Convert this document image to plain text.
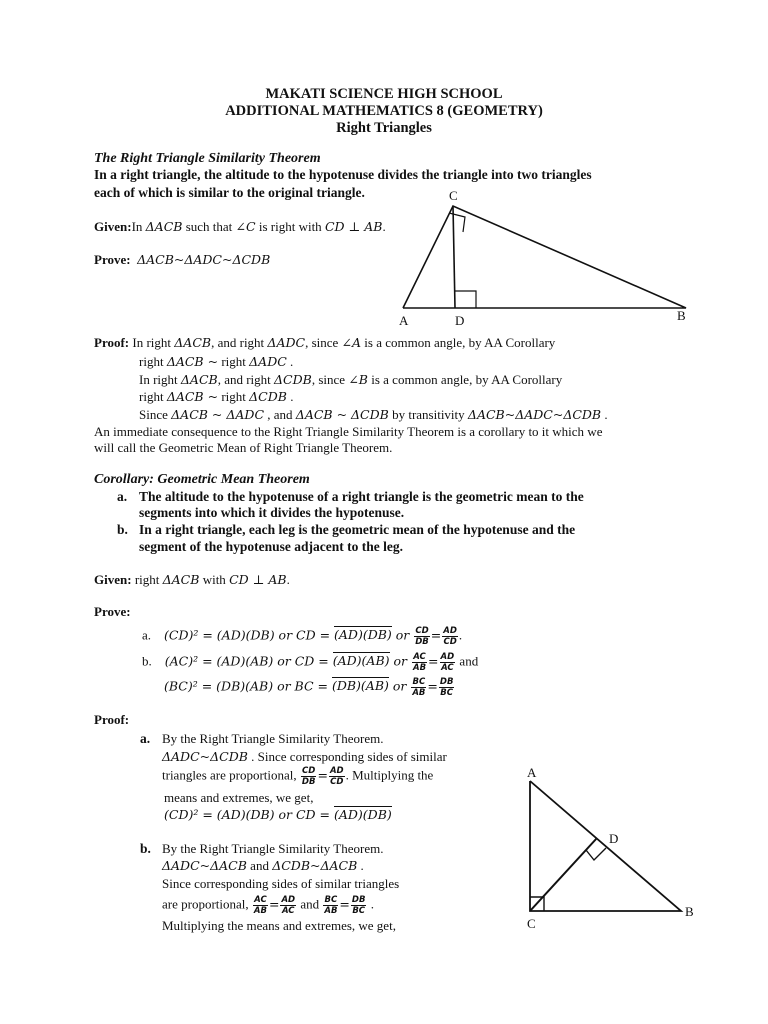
MAKATI SCIENCE HIGH SCHOOL
ADDITIONAL MATHEMATICS 8 (GEOMETRY)
Right Triangles
The Right Triangle Similarity Theorem
In a right triangle, the altitude to the hypotenuse divides the triangle into two triangles
each of which is similar to the original triangle.
Given:In ΔACB such that ∠C is right with CD ⊥ AB.
Prove: ΔACB~ΔADC~ΔCDB
C
A	D	B
A
D
C
B
Proof: In right ΔACB, and right ΔADC, since ∠A is a common angle, by AA Corollary
right ΔACB ~ right ΔADC .
In right ΔACB, and right ΔCDB, since ∠B is a common angle, by AA Corollary
right ΔACB ~ right ΔCDB .
Since ΔACB ~ ΔADC , and ΔACB ~ ΔCDB by transitivity ΔACB~ΔADC~ΔCDB .
An immediate consequence to the Right Triangle Similarity Theorem is a corollary to it which we
will call the Geometric Mean of Right Triangle Theorem.
Corollary: Geometric Mean Theorem
a. The altitude to the hypotenuse of a right triangle is the geometric mean to the
segments into which it divides the hypotenuse.
b. In a right triangle, each leg is the geometric mean of the hypotenuse and the
segment of the hypotenuse adjacent to the leg.
Given: right ΔACB with CD ⊥ AB.
Prove:
a. (CD)² = (AD)(DB) or CD = (AD)(DB) or $\frac{CD}{DB} = \frac{AD}{CD}$ .
b. (AC)² = (AD)(AB) or CD = (AD)(AB) or $\frac{AC}{AB} = \frac{AD}{AC}$ and
(BC)² = (DB)(AB) or BC = (DB)(AB) or $\frac{BC}{AB} = \frac{DB}{BC}$
Proof:
a. By the Right Triangle Similarity Theorem.
ΔADC~ΔCDB . Since corresponding sides of similar
triangles are proportional, $\frac{CD}{DB} = \frac{AD}{CD}$ . Multiplying the
means and extremes, we get,
(CD)² = (AD)(DB) or CD = (AD)(DB)
b. By the Right Triangle Similarity Theorem.
ΔADC~ΔACB and ΔCDB~ΔACB .
Since corresponding sides of similar triangles
are proportional, $\frac{AC}{AB} = \frac{AD}{AC}$ and $\frac{BC}{AB} = \frac{DB}{BC}$ .
Multiplying the means and extremes, we get,
